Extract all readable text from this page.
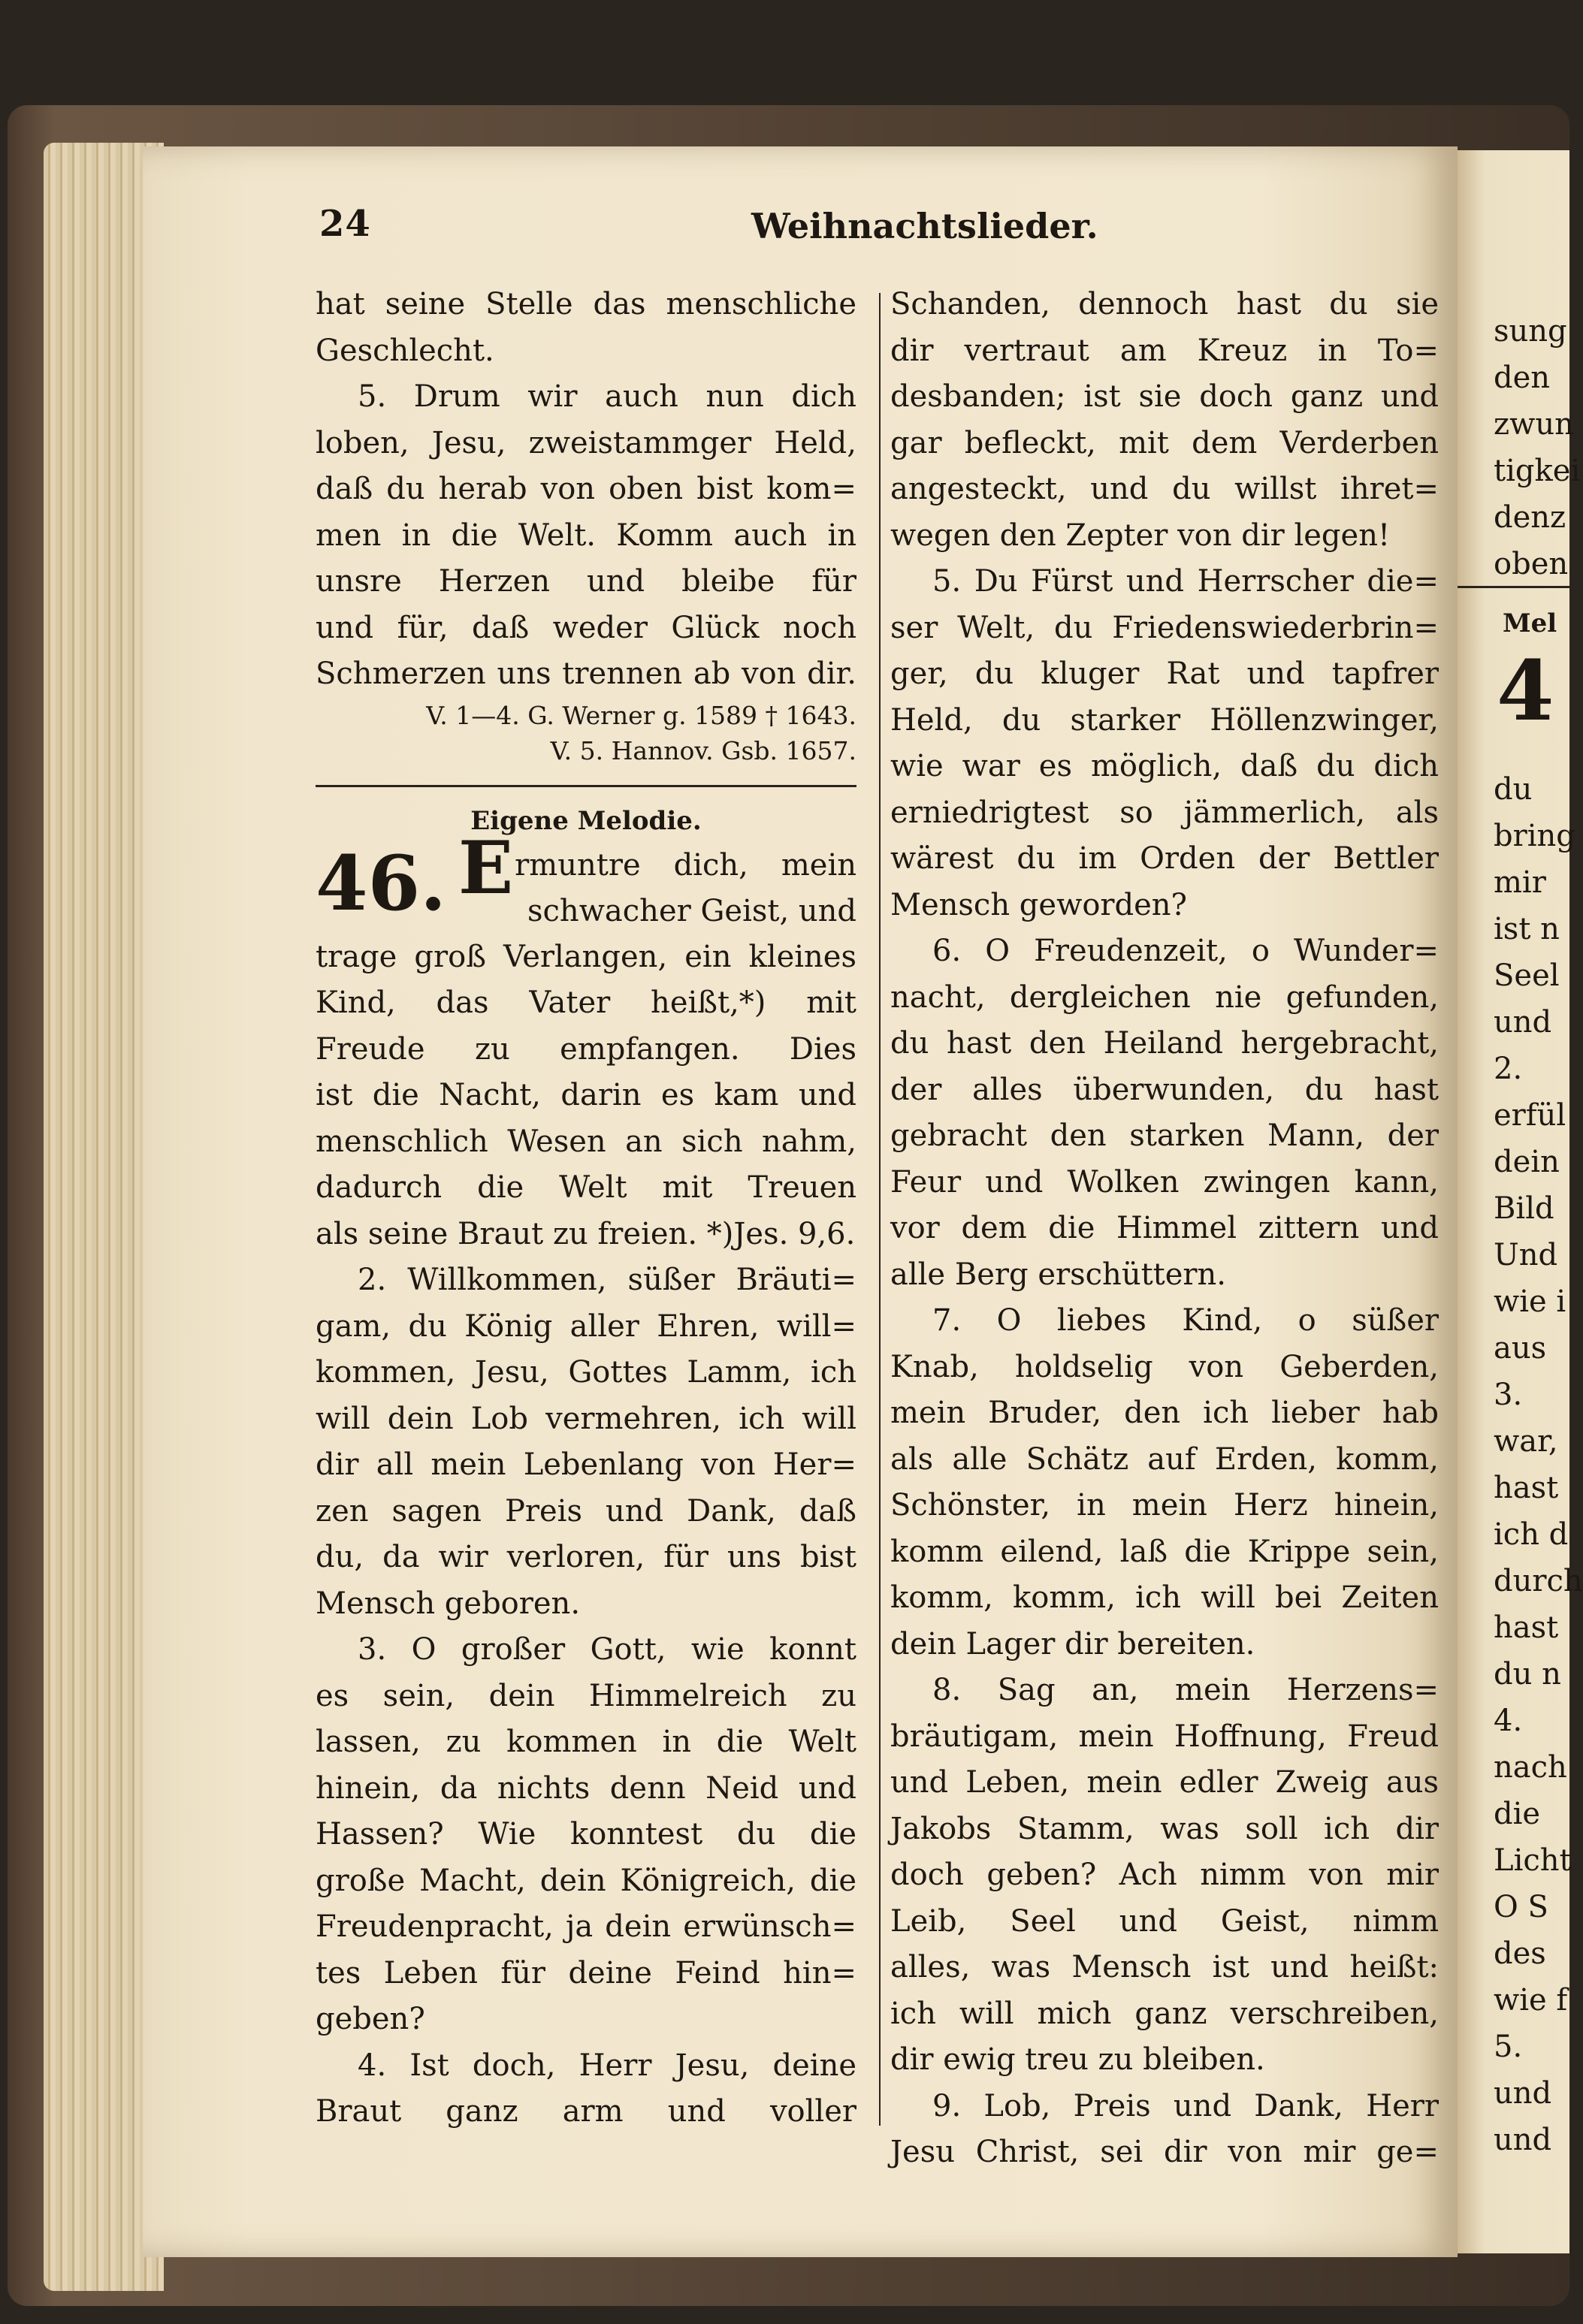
24	Weihnachtslieder.
hat seine Stelle das menschliche
Geschlecht.
5. Drum wir auch nun dich
loben, Jesu, zweistammger Held,
daß du herab von oben bist kom=
men in die Welt. Komm auch in
unsre Herzen und bleibe für
und für, daß weder Glück noch
Schmerzen uns trennen ab von dir.
V. 1—4. G. Werner g. 1589 † 1643.
V. 5. Hannov. Gsb. 1657.
Eigene Melodie.
46. Ermuntre dich, mein
schwacher Geist, und
trage groß Verlangen, ein kleines
Kind, das Vater heißt,*) mit
Freude zu empfangen. Dies
ist die Nacht, darin es kam und
menschlich Wesen an sich nahm,
dadurch die Welt mit Treuen
als seine Braut zu freien. *)Jes. 9,6.
2. Willkommen, süßer Bräuti=
gam, du König aller Ehren, will=
kommen, Jesu, Gottes Lamm, ich
will dein Lob vermehren, ich will
dir all mein Lebenlang von Her=
zen sagen Preis und Dank, daß
du, da wir verloren, für uns bist
Mensch geboren.
3. O großer Gott, wie konnt
es sein, dein Himmelreich zu
lassen, zu kommen in die Welt
hinein, da nichts denn Neid und
Hassen? Wie konntest du die
große Macht, dein Königreich, die
Freudenpracht, ja dein erwünsch=
tes Leben für deine Feind hin=
geben?
4. Ist doch, Herr Jesu, deine
Braut ganz arm und voller
Schanden, dennoch hast du sie
dir vertraut am Kreuz in To=
desbanden; ist sie doch ganz und
gar befleckt, mit dem Verderben
angesteckt, und du willst ihret=
wegen den Zepter von dir legen!
5. Du Fürst und Herrscher die=
ser Welt, du Friedenswiederbrin=
ger, du kluger Rat und tapfrer
Held, du starker Höllenzwinger,
wie war es möglich, daß du dich
erniedrigtest so jämmerlich, als
wärest du im Orden der Bettler
Mensch geworden?
6. O Freudenzeit, o Wunder=
nacht, dergleichen nie gefunden,
du hast den Heiland hergebracht,
der alles überwunden, du hast
gebracht den starken Mann, der
Feur und Wolken zwingen kann,
vor dem die Himmel zittern und
alle Berg erschüttern.
7. O liebes Kind, o süßer
Knab, holdselig von Geberden,
mein Bruder, den ich lieber hab
als alle Schätz auf Erden, komm,
Schönster, in mein Herz hinein,
komm eilend, laß die Krippe sein,
komm, komm, ich will bei Zeiten
dein Lager dir bereiten.
8. Sag an, mein Herzens=
bräutigam, mein Hoffnung, Freud
und Leben, mein edler Zweig aus
Jakobs Stamm, was soll ich dir
doch geben? Ach nimm von mir
Leib, Seel und Geist, nimm
alles, was Mensch ist und heißt:
ich will mich ganz verschreiben,
dir ewig treu zu bleiben.
9. Lob, Preis und Dank, Herr
Jesu Christ, sei dir von mir ge=
sung
den
zwun
tigkei
denz
oben
Mel
4
du
bring
mir
ist n
Seel
und
2.
erfül
dein
Bild
Und
wie i
aus
3.
war,
hast
ich d
durch
hast
du n
4.
nach
die
Licht
O S
des
wie f
5.
und
und
